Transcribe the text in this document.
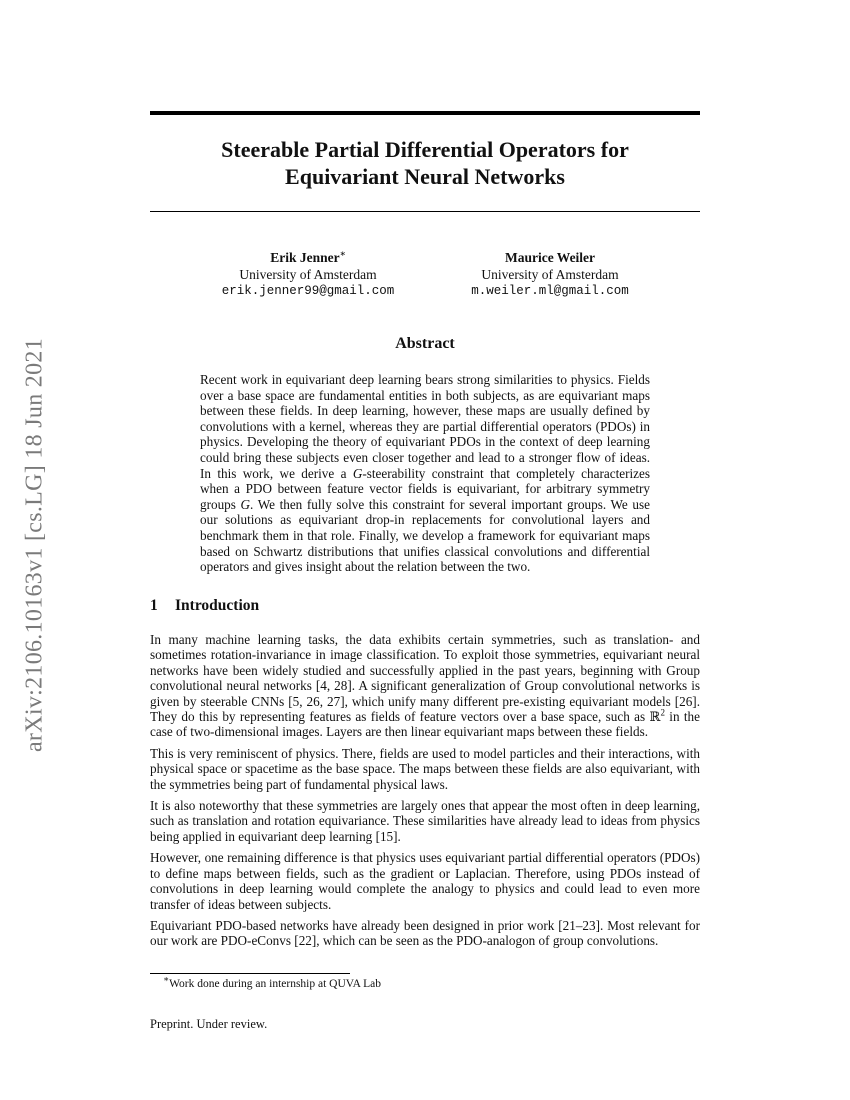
arXiv:2106.10163v1 [cs.LG] 18 Jun 2021
Steerable Partial Differential Operators for
Equivariant Neural Networks
Erik Jenner∗
University of Amsterdam
erik.jenner99@gmail.com
Maurice Weiler
University of Amsterdam
m.weiler.ml@gmail.com
Abstract

Recent work in equivariant deep learning bears strong similarities to physics. Fields over a base space are fundamental entities in both subjects, as are equivariant maps between these fields. In deep learning, however, these maps are usually defined by convolutions with a kernel, whereas they are partial differential operators (PDOs) in physics. Developing the theory of equivariant PDOs in the context of deep learning could bring these subjects even closer together and lead to a stronger flow of ideas. In this work, we derive a G-steerability constraint that completely characterizes when a PDO between feature vector fields is equivariant, for arbitrary symmetry groups G. We then fully solve this constraint for several important groups. We use our solutions as equivariant drop-in replacements for convolutional layers and benchmark them in that role. Finally, we develop a framework for equivariant maps based on Schwartz distributions that unifies classical convolutions and differential operators and gives insight about the relation between the two.

1 Introduction

In many machine learning tasks, the data exhibits certain symmetries, such as translation- and sometimes rotation-invariance in image classification. To exploit those symmetries, equivariant neural networks have been widely studied and successfully applied in the past years, beginning with Group convolutional neural networks [4, 28]. A significant generalization of Group convolutional networks is given by steerable CNNs [5, 26, 27], which unify many different pre-existing equivariant models [26]. They do this by representing features as fields of feature vectors over a base space, such as ℝ$^2$ in the case of two-dimensional images. Layers are then linear equivariant maps between these fields.

This is very reminiscent of physics. There, fields are used to model particles and their interactions, with physical space or spacetime as the base space. The maps between these fields are also equivariant, with the symmetries being part of fundamental physical laws.

It is also noteworthy that these symmetries are largely ones that appear the most often in deep learning, such as translation and rotation equivariance. These similarities have already lead to ideas from physics being applied in equivariant deep learning [15].

However, one remaining difference is that physics uses equivariant partial differential operators (PDOs) to define maps between fields, such as the gradient or Laplacian. Therefore, using PDOs instead of convolutions in deep learning would complete the analogy to physics and could lead to even more transfer of ideas between subjects.

Equivariant PDO-based networks have already been designed in prior work [21–23]. Most relevant for our work are PDO-eConvs [22], which can be seen as the PDO-analogon of group convolutions.

∗Work done during an internship at QUVA Lab
Preprint. Under review.
